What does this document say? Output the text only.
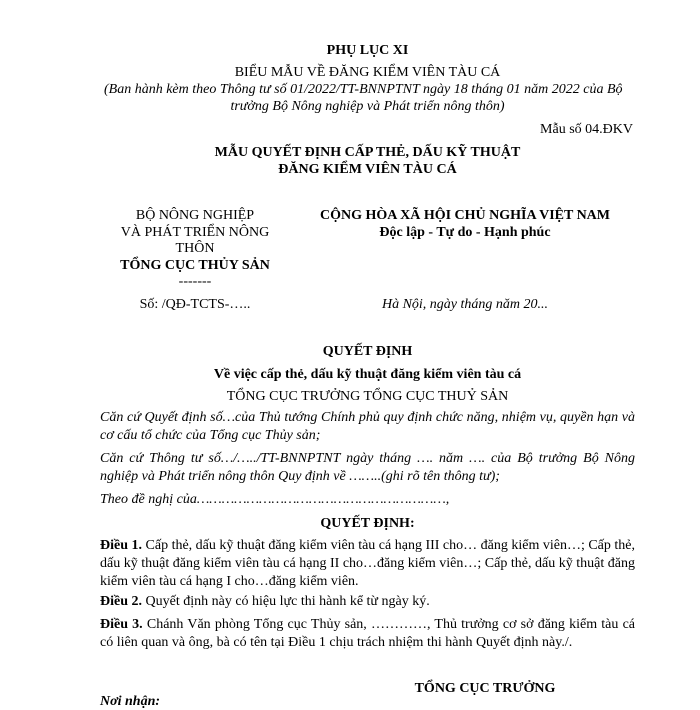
PHỤ LỤC XI
BIỂU MẪU VỀ ĐĂNG KIỂM VIÊN TÀU CÁ
(Ban hành kèm theo Thông tư số 01/2022/TT-BNNPTNT ngày 18 tháng 01 năm 2022 của Bộ
trưởng Bộ Nông nghiệp và Phát triển nông thôn)
Mẫu số 04.ĐKV
MẪU QUYẾT ĐỊNH CẤP THẺ, DẤU KỸ THUẬT
ĐĂNG KIỂM VIÊN TÀU CÁ
BỘ NÔNG NGHIỆP
VÀ PHÁT TRIỂN NÔNG
THÔN
TỔNG CỤC THỦY SẢN
-------
Số: /QĐ-TCTS-…..
CỘNG HÒA XÃ HỘI CHỦ NGHĨA VIỆT NAM
Độc lập - Tự do - Hạnh phúc
Hà Nội, ngày tháng năm 20...
QUYẾT ĐỊNH
Về việc cấp thẻ, dấu kỹ thuật đăng kiểm viên tàu cá
TỔNG CỤC TRƯỞNG TỔNG CỤC THUỶ SẢN
Căn cứ Quyết định số…của Thủ tướng Chính phủ quy định chức năng, nhiệm vụ, quyền hạn và cơ cấu tổ chức của Tổng cục Thủy sản;
Căn cứ Thông tư số…/…../TT-BNNPTNT ngày tháng …. năm …. của Bộ trưởng Bộ Nông nghiệp và Phát triển nông thôn Quy định về ……..(ghi rõ tên thông tư);
Theo đề nghị của……………………………………………………,
QUYẾT ĐỊNH:
Điều 1. Cấp thẻ, dấu kỹ thuật đăng kiểm viên tàu cá hạng III cho… đăng kiểm viên…; Cấp thẻ, dấu kỹ thuật đăng kiểm viên tàu cá hạng II cho…đăng kiểm viên…; Cấp thẻ, dấu kỹ thuật đăng kiểm viên tàu cá hạng I cho…đăng kiểm viên.
Điều 2. Quyết định này có hiệu lực thi hành kể từ ngày ký.
Điều 3. Chánh Văn phòng Tổng cục Thủy sản, …………, Thủ trưởng cơ sở đăng kiểm tàu cá có liên quan và ông, bà có tên tại Điều 1 chịu trách nhiệm thi hành Quyết định này./.
TỔNG CỤC TRƯỞNG
Nơi nhận:
